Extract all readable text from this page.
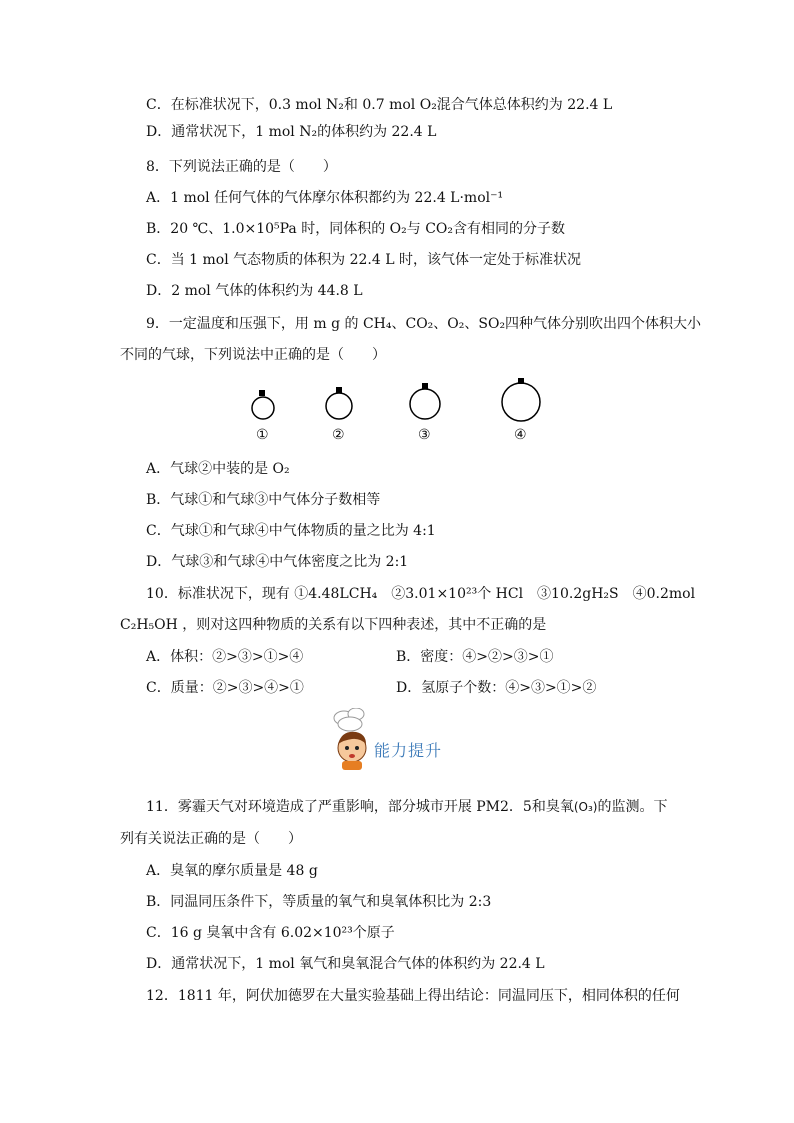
C．在标准状况下，0.3 mol N₂和 0.7 mol O₂混合气体总体积约为 22.4 L
D．通常状况下，1 mol N₂的体积约为 22.4 L
8．下列说法正确的是（　　）
A．1 mol 任何气体的气体摩尔体积都约为 22.4 L·mol⁻¹
B．20 ℃、1.0×10⁵Pa 时，同体积的 O₂与 CO₂含有相同的分子数
C．当 1 mol 气态物质的体积为 22.4 L 时，该气体一定处于标准状况
D．2 mol 气体的体积约为 44.8 L
9．一定温度和压强下，用 m g 的 CH₄、CO₂、O₂、SO₂四种气体分别吹出四个体积大小
不同的气球，下列说法中正确的是（　　）
①	②	③	④
A．气球②中装的是 O₂
B．气球①和气球③中气体分子数相等
C．气球①和气球④中气体物质的量之比为 4:1
D．气球③和气球④中气体密度之比为 2:1
10．标准状况下，现有 ①4.48LCH₄　②3.01×10²³个 HCl　③10.2gH₂S　④0.2mol
C₂H₅OH ，则对这四种物质的关系有以下四种表述，其中不正确的是
A．体积：②>③>①>④	B．密度：④>②>③>①
C．质量：②>③>④>①	D．氢原子个数：④>③>①>②
能力提升
11．雾霾天气对环境造成了严重影响，部分城市开展 PM2．5和臭氧(O₃)的监测。下
列有关说法正确的是（　　）
A．臭氧的摩尔质量是 48 g
B．同温同压条件下，等质量的氧气和臭氧体积比为 2:3
C．16 g 臭氧中含有 6.02×10²³个原子
D．通常状况下，1 mol 氧气和臭氧混合气体的体积约为 22.4 L
12．1811 年，阿伏加德罗在大量实验基础上得出结论：同温同压下，相同体积的任何
